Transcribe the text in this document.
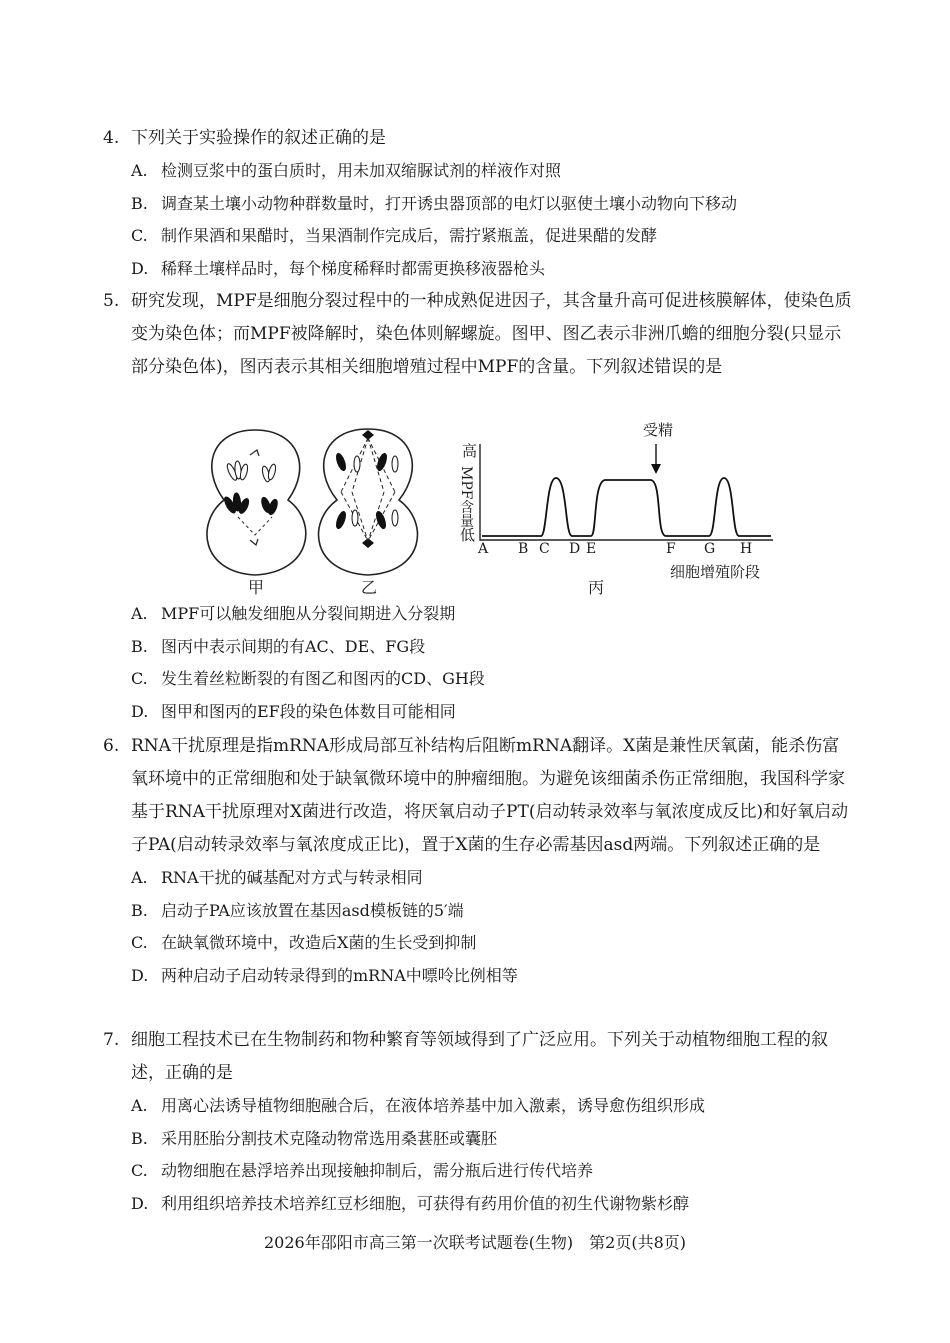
4. 下列关于实验操作的叙述正确的是
A. 检测豆浆中的蛋白质时，用未加双缩脲试剂的样液作对照
B. 调查某土壤小动物种群数量时，打开诱虫器顶部的电灯以驱使土壤小动物向下移动
C. 制作果酒和果醋时，当果酒制作完成后，需拧紧瓶盖，促进果醋的发酵
D. 稀释土壤样品时，每个梯度稀释时都需更换移液器枪头
5. 研究发现，MPF是细胞分裂过程中的一种成熟促进因子，其含量升高可促进核膜解体，使染色质变为染色体；而MPF被降解时，染色体则解螺旋。图甲、图乙表示非洲爪蟾的细胞分裂(只显示部分染色体)，图丙表示其相关细胞增殖过程中MPF的含量。下列叙述错误的是
受精
高
MPF含量
低
A B C D E	F G H
细胞增殖阶段
甲	乙	丙
A. MPF可以触发细胞从分裂间期进入分裂期
B. 图丙中表示间期的有AC、DE、FG段
C. 发生着丝粒断裂的有图乙和图丙的CD、GH段
D. 图甲和图丙的EF段的染色体数目可能相同
6. RNA干扰原理是指mRNA形成局部互补结构后阻断mRNA翻译。X菌是兼性厌氧菌，能杀伤富氧环境中的正常细胞和处于缺氧微环境中的肿瘤细胞。为避免该细菌杀伤正常细胞，我国科学家基于RNA干扰原理对X菌进行改造，将厌氧启动子PT(启动转录效率与氧浓度成反比)和好氧启动子PA(启动转录效率与氧浓度成正比)，置于X菌的生存必需基因asd两端。下列叙述正确的是
A. RNA干扰的碱基配对方式与转录相同
B. 启动子PA应该放置在基因asd模板链的5′端
C. 在缺氧微环境中，改造后X菌的生长受到抑制
D. 两种启动子启动转录得到的mRNA中嘌呤比例相等
7. 细胞工程技术已在生物制药和物种繁育等领域得到了广泛应用。下列关于动植物细胞工程的叙述，正确的是
A. 用离心法诱导植物细胞融合后，在液体培养基中加入激素，诱导愈伤组织形成
B. 采用胚胎分割技术克隆动物常选用桑葚胚或囊胚
C. 动物细胞在悬浮培养出现接触抑制后，需分瓶后进行传代培养
D. 利用组织培养技术培养红豆杉细胞，可获得有药用价值的初生代谢物紫杉醇
2026年邵阳市高三第一次联考试题卷(生物)　第2页(共8页)
